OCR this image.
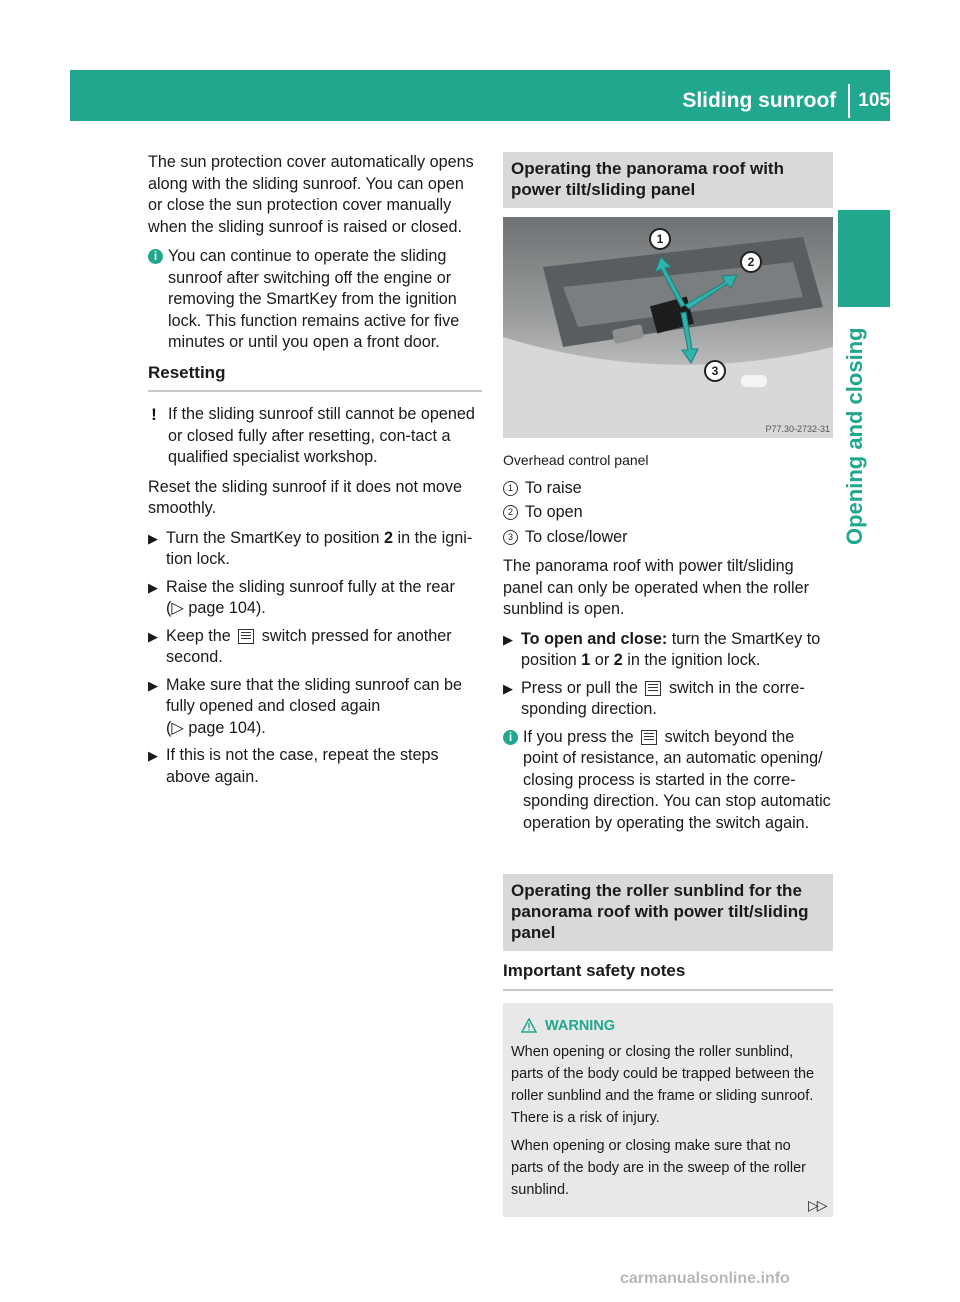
Sliding sunroof 105
Opening and closing

The sun protection cover automatically opens along with the sliding sunroof. You can open or close the sun protection cover manually when the sliding sunroof is raised or closed.

i You can continue to operate the sliding sunroof after switching off the engine or removing the SmartKey from the ignition lock. This function remains active for five minutes or until you open a front door.
Resetting
! If the sliding sunroof still cannot be opened or closed fully after resetting, con-tact a qualified specialist workshop.

Reset the sliding sunroof if it does not move smoothly.

▶ Turn the SmartKey to position 2 in the igni-tion lock.
▶ Raise the sliding sunroof fully at the rear
(▷ page 104).
▶ Keep the  switch pressed for another second.
▶ Make sure that the sliding sunroof can be fully opened and closed again
(▷ page 104).
▶ If this is not the case, repeat the steps above again.
Operating the panorama roof with power tilt/sliding panel
1
2
3
P77.30-2732-31
Overhead control panel
1 To raise
2 To open
3 To close/lower

The panorama roof with power tilt/sliding panel can only be operated when the roller sunblind is open.

▶ To open and close: turn the SmartKey to position 1 or 2 in the ignition lock.
▶ Press or pull the  switch in the corre-sponding direction.
i If you press the  switch beyond the point of resistance, an automatic opening/ closing process is started in the corre-sponding direction. You can stop automatic operation by operating the switch again.
Operating the roller sunblind for the panorama roof with power tilt/sliding panel
Important safety notes
WARNING

When opening or closing the roller sunblind, parts of the body could be trapped between the roller sunblind and the frame or sliding sunroof. There is a risk of injury.

When opening or closing make sure that no parts of the body are in the sweep of the roller sunblind.

▷▷
carmanualsonline.info
